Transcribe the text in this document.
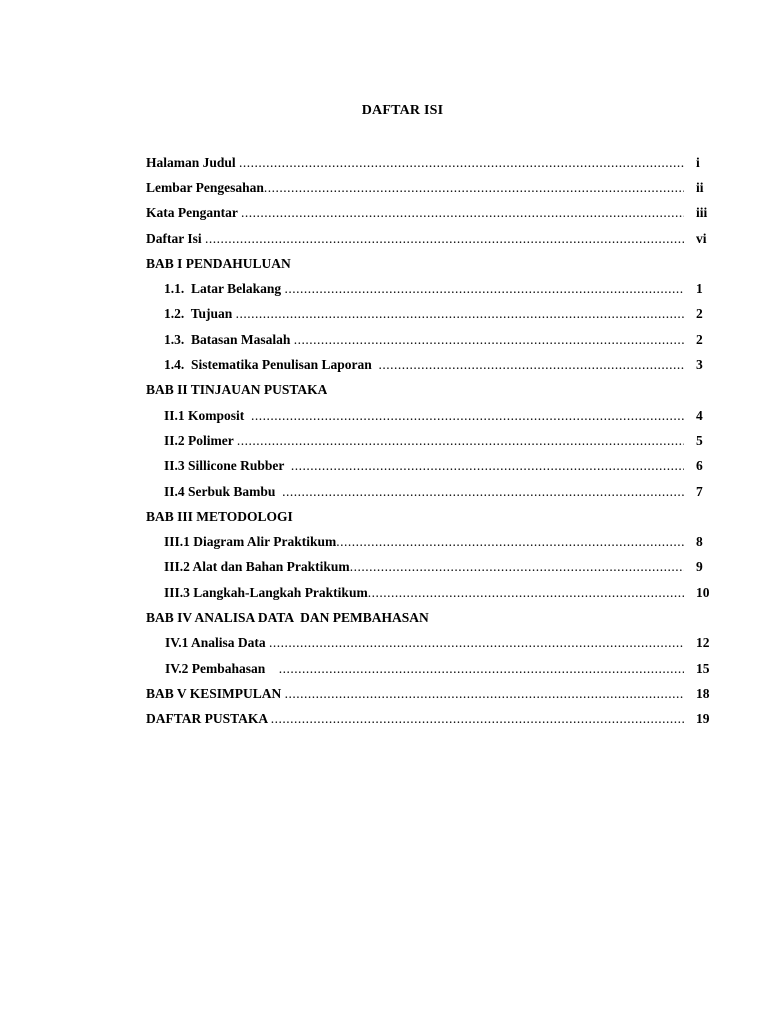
DAFTAR ISI
Halaman Judul .....	i
Lembar Pengesahan .....	ii
Kata Pengantar .....	iii
Daftar Isi .....	vi
BAB I PENDAHULUAN
1.1.  Latar Belakang .....	1
1.2.  Tujuan .....	2
1.3.  Batasan Masalah .....	2
1.4.  Sistematika Penulisan Laporan .....	3
BAB II TINJAUAN PUSTAKA
II.1 Komposit .....	4
II.2 Polimer .....	5
II.3 Sillicone Rubber .....	6
II.4 Serbuk Bambu .....	7
BAB III METODOLOGI
III.1 Diagram Alir Praktikum .....	8
III.2 Alat dan Bahan Praktikum .....	9
III.3 Langkah-Langkah Praktikum .....	10
BAB IV ANALISA DATA  DAN PEMBAHASAN
IV.1 Analisa Data .....	12
IV.2 Pembahasan .....	15
BAB V KESIMPULAN .....	18
DAFTAR PUSTAKA .....	19
